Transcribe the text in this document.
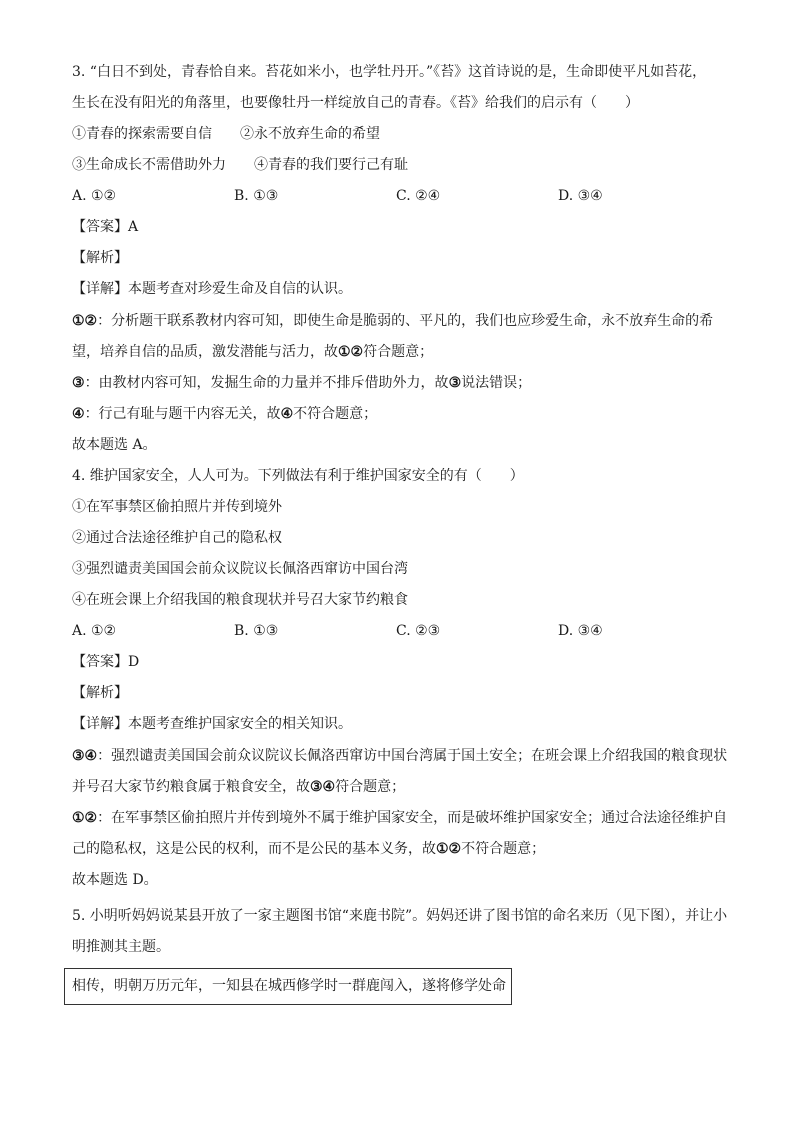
3. “白日不到处，青春恰自来。苔花如米小，也学牡丹开。”《苔》这首诗说的是，生命即使平凡如苔花，

生长在没有阳光的角落里，也要像牡丹一样绽放自己的青春。《苔》给我们的启示有（　　）

①青春的探索需要自信　　②永不放弃生命的希望

③生命成长不需借助外力　　④青春的我们要行己有耻

A. ①②	B. ①③	C. ②④	D. ③④

【答案】A

【解析】

【详解】本题考查对珍爱生命及自信的认识。

①②：分析题干联系教材内容可知，即使生命是脆弱的、平凡的，我们也应珍爱生命，永不放弃生命的希望，培养自信的品质，激发潜能与活力，故①②符合题意；

③：由教材内容可知，发掘生命的力量并不排斥借助外力，故③说法错误；

④：行己有耻与题干内容无关，故④不符合题意；

故本题选 A。

4. 维护国家安全，人人可为。下列做法有利于维护国家安全的有（　　）

①在军事禁区偷拍照片并传到境外

②通过合法途径维护自己的隐私权

③强烈谴责美国国会前众议院议长佩洛西窜访中国台湾

④在班会课上介绍我国的粮食现状并号召大家节约粮食

A. ①②	B. ①③	C. ②③	D. ③④

【答案】D

【解析】

【详解】本题考查维护国家安全的相关知识。

③④：强烈谴责美国国会前众议院议长佩洛西窜访中国台湾属于国土安全；在班会课上介绍我国的粮食现状并号召大家节约粮食属于粮食安全，故③④符合题意；

①②：在军事禁区偷拍照片并传到境外不属于维护国家安全，而是破坏维护国家安全；通过合法途径维护自己的隐私权，这是公民的权利，而不是公民的基本义务，故①②不符合题意；

故本题选 D。

5. 小明听妈妈说某县开放了一家主题图书馆“来鹿书院”。妈妈还讲了图书馆的命名来历（见下图），并让小明推测其主题。

相传，明朝万历元年，一知县在城西修学时一群鹿闯入，遂将修学处命
